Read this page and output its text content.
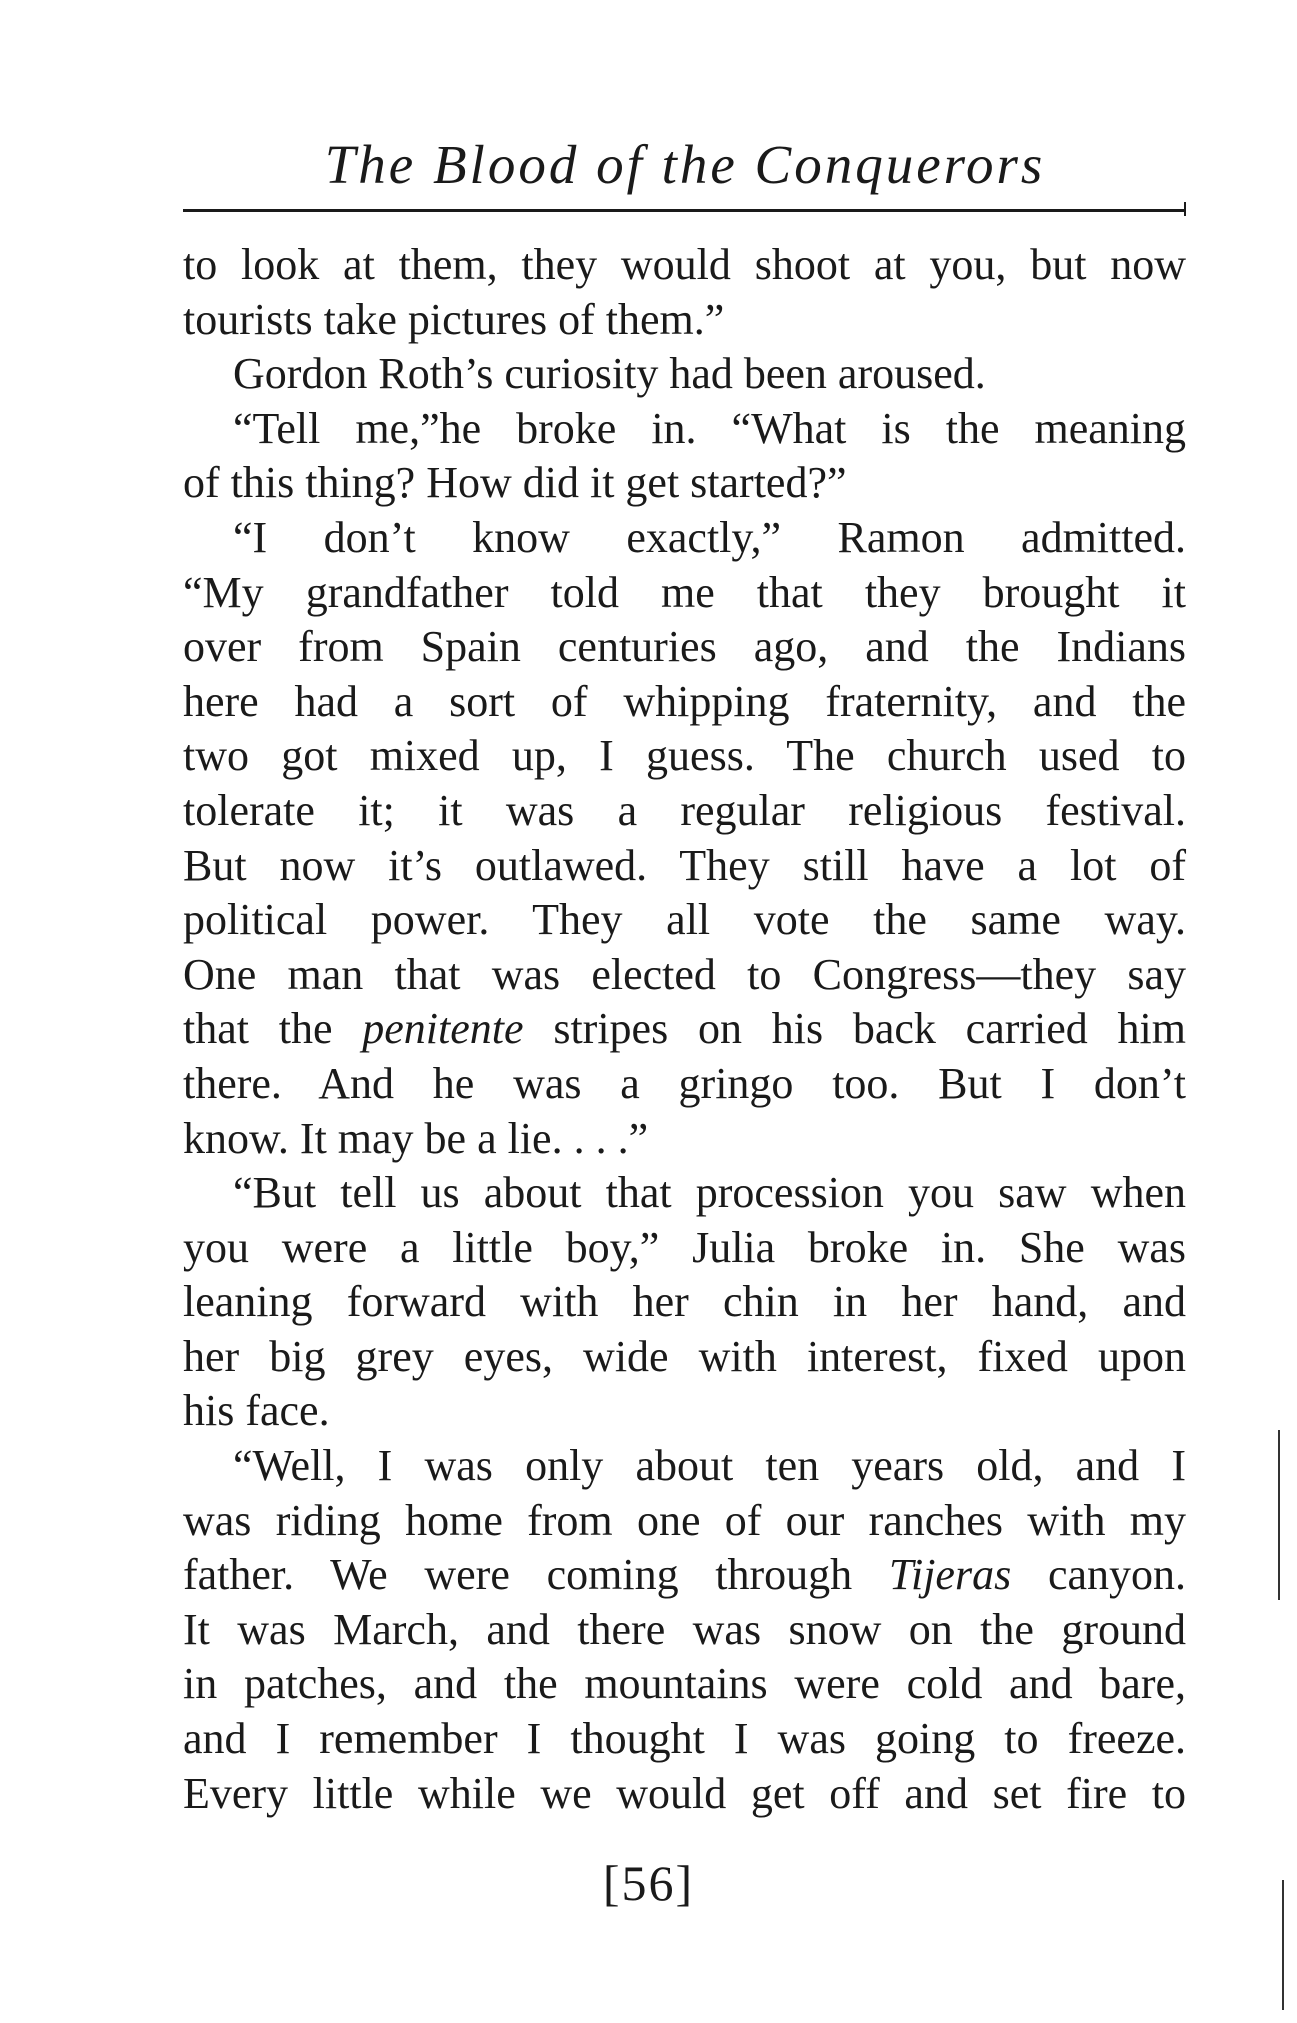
The Blood of the Conquerors
to look at them, they would shoot at you, but now
tourists take pictures of them.”
Gordon Roth’s curiosity had been aroused.
“Tell me,”he broke in. “What is the meaning
of this thing? How did it get started?”
“I don’t know exactly,” Ramon admitted.
“My grandfather told me that they brought it
over from Spain centuries ago, and the Indians
here had a sort of whipping fraternity, and the
two got mixed up, I guess. The church used to
tolerate it; it was a regular religious festival.
But now it’s outlawed. They still have a lot of
political power. They all vote the same way.
One man that was elected to Congress—they say
that the penitente stripes on his back carried him
there. And he was a gringo too. But I don’t
know. It may be a lie. . . .”
“But tell us about that procession you saw when
you were a little boy,” Julia broke in. She was
leaning forward with her chin in her hand, and
her big grey eyes, wide with interest, fixed upon
his face.
“Well, I was only about ten years old, and I
was riding home from one of our ranches with my
father. We were coming through Tijeras canyon.
It was March, and there was snow on the ground
in patches, and the mountains were cold and bare,
and I remember I thought I was going to freeze.
Every little while we would get off and set fire to
[56]
